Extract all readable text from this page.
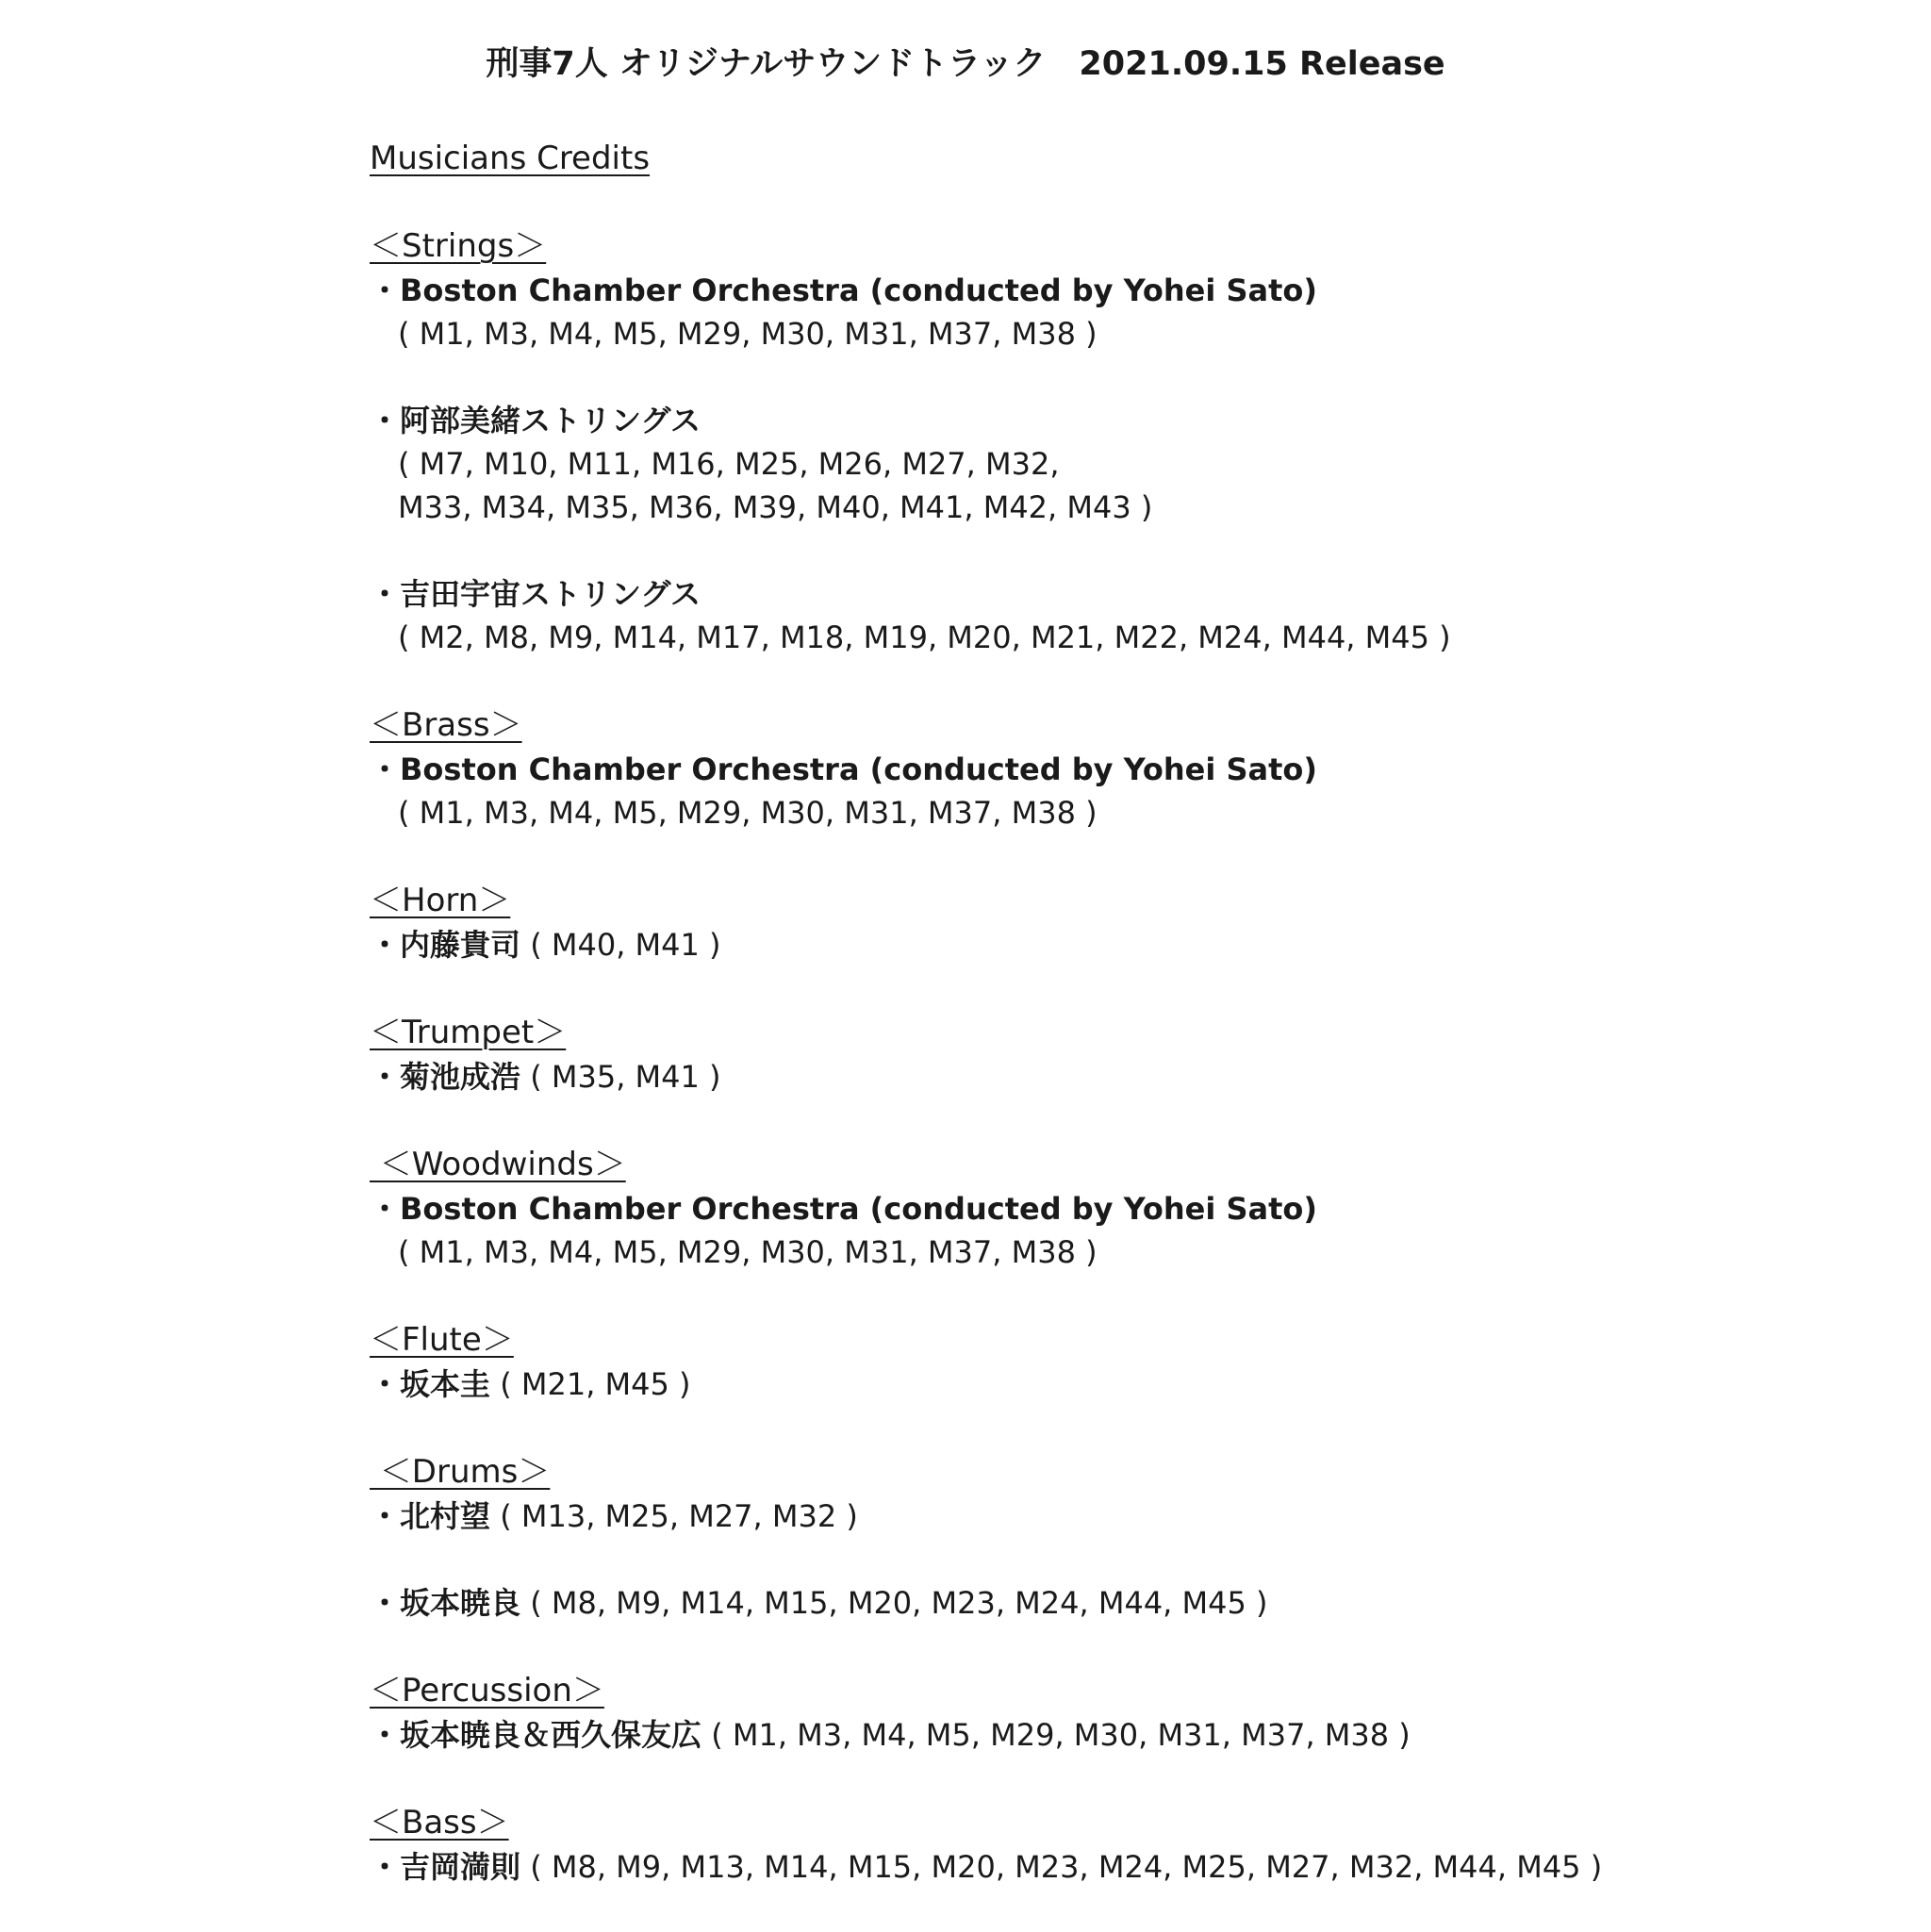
刑事7人 オリジナルサウンドトラック　2021.09.15 Release
Musicians Credits
＜Strings＞
・Boston Chamber Orchestra (conducted by Yohei Sato)
( M1, M3, M4, M5, M29, M30, M31, M37, M38 )
・阿部美緒ストリングス
( M7, M10, M11, M16, M25, M26, M27, M32,
M33, M34, M35, M36, M39, M40, M41, M42, M43 )
・吉田宇宙ストリングス
( M2, M8, M9, M14, M17, M18, M19, M20, M21, M22, M24, M44, M45 )
＜Brass＞
・Boston Chamber Orchestra (conducted by Yohei Sato)
( M1, M3, M4, M5, M29, M30, M31, M37, M38 )
＜Horn＞
・内藤貴司 ( M40, M41 )
＜Trumpet＞
・菊池成浩 ( M35, M41 )
＜Woodwinds＞
・Boston Chamber Orchestra (conducted by Yohei Sato)
( M1, M3, M4, M5, M29, M30, M31, M37, M38 )
＜Flute＞
・坂本圭 ( M21, M45 )
＜Drums＞
・北村望 ( M13, M25, M27, M32 )
・坂本暁良 ( M8, M9, M14, M15, M20, M23, M24, M44, M45 )
＜Percussion＞
・坂本暁良＆西久保友広 ( M1, M3, M4, M5, M29, M30, M31, M37, M38 )
＜Bass＞
・吉岡満則 ( M8, M9, M13, M14, M15, M20, M23, M24, M25, M27, M32, M44, M45 )
